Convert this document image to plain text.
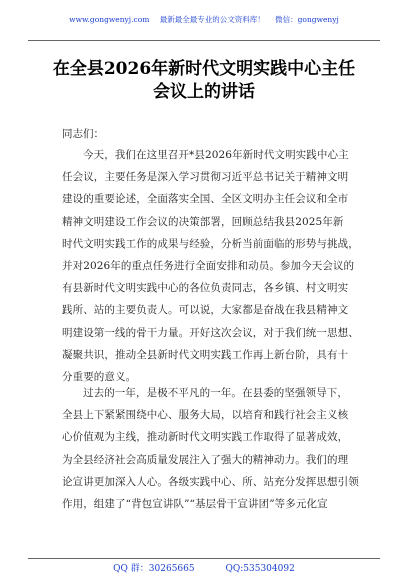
www.gongwenyj.com 最新最全最专业的公文资料库！ 微信：gongwenyj
在全县2026年新时代文明实践中心主任
会议上的讲话
同志们：
今天，我们在这里召开*县2026年新时代文明实践中心主
任会议，主要任务是深入学习贯彻习近平总书记关于精神文明
建设的重要论述，全面落实全国、全区文明办主任会议和全市
精神文明建设工作会议的决策部署，回顾总结我县2025年新
时代文明实践工作的成果与经验，分析当前面临的形势与挑战，
并对2026年的重点任务进行全面安排和动员。参加今天会议的
有县新时代文明实践中心的各位负责同志，各乡镇、村文明实
践所、站的主要负责人。可以说，大家都是奋战在我县精神文
明建设第一线的骨干力量。开好这次会议，对于我们统一思想、
凝聚共识，推动全县新时代文明实践工作再上新台阶，具有十
分重要的意义。
过去的一年，是极不平凡的一年。在县委的坚强领导下，
全县上下紧紧围绕中心、服务大局，以培育和践行社会主义核
心价值观为主线，推动新时代文明实践工作取得了显著成效，
为全县经济社会高质量发展注入了强大的精神动力。我们的理
论宣讲更加深入人心。各级实践中心、所、站充分发挥思想引领
作用，组建了“背包宣讲队”“基层骨干宣讲团”等多元化宣
QQ 群：30265665	QQ:535304092
